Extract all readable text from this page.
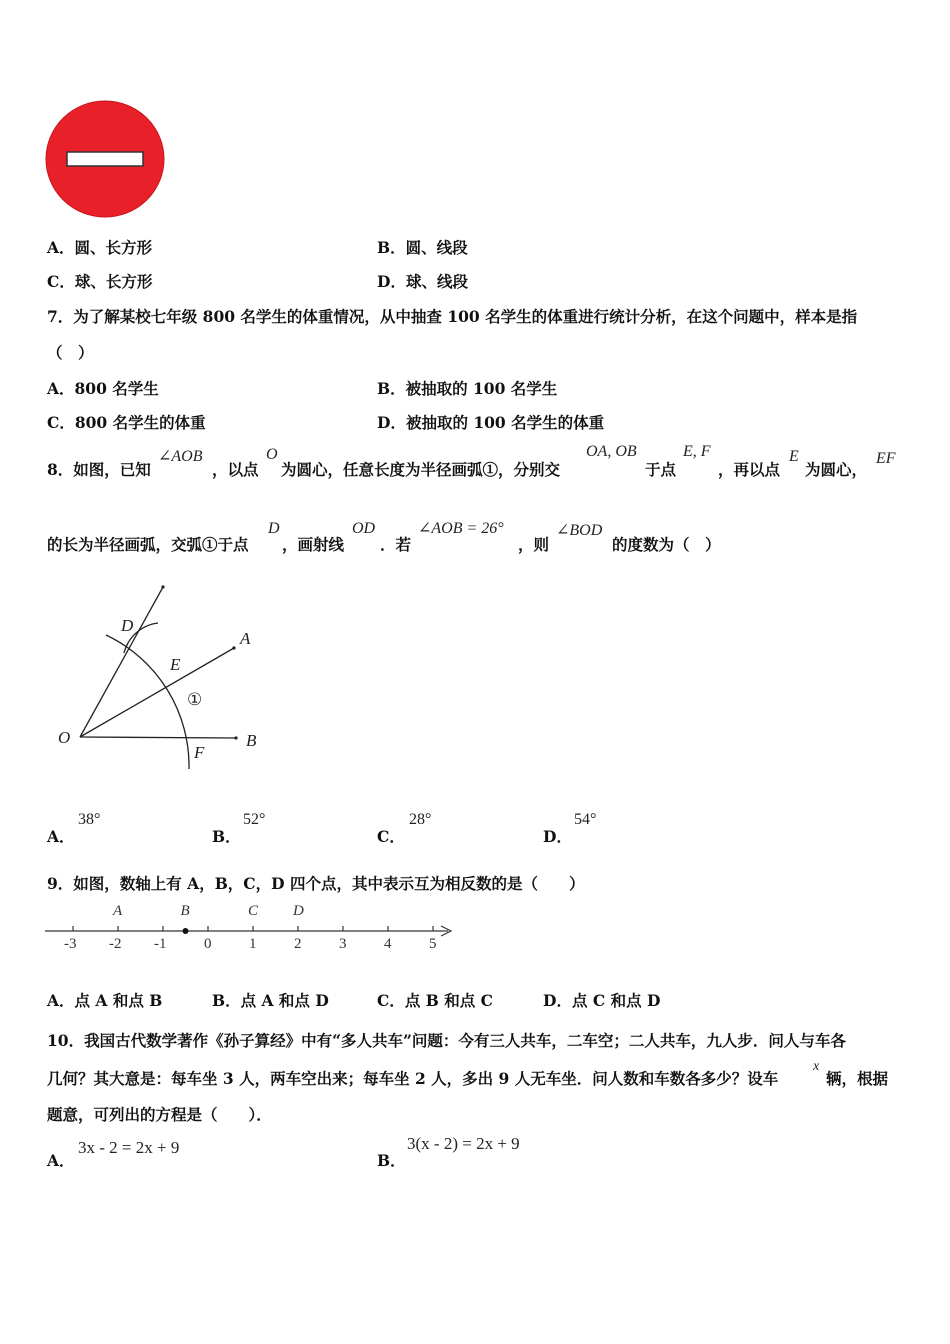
A．圆、长方形	B．圆、线段
C．球、长方形	D．球、线段
7．为了解某校七年级 800 名学生的体重情况，从中抽查 100 名学生的体重进行统计分析，在这个问题中，样本是指
（　）
A．800 名学生	B．被抽取的 100 名学生
C．800 名学生的体重	D．被抽取的 100 名学生的体重
8．如图，已知
∠AOB
，以点
O
为圆心，任意长度为半径画弧①，分别交
OA, OB
于点
E, F
，再以点
E
为圆心，
EF
的长为半径画弧，交弧①于点
D
，画射线
OD
．若
∠AOB = 26°
，则
∠BOD
的度数为（　）
D
A
E
O	B
F
①
A．
38°
B．
52°
C．
28°
D．
54°
9．如图，数轴上有 A，B，C，D 四个点，其中表示互为相反数的是（　　）
-3 -2 -1	0	1	2	3	4	5
A	B	C D
A．点 A 和点 B	B．点 A 和点 D	C．点 B 和点 C	D．点 C 和点 D
10．我国古代数学著作《孙子算经》中有“多人共车”问题：今有三人共车，二车空；二人共车，九人步．问人与车各
几何？其大意是：每车坐 3 人，两车空出来；每车坐 2 人，多出 9 人无车坐．问人数和车数各多少？设车
x
辆，根据
题意，可列出的方程是（　　）．
A．
3x - 2 = 2x + 9
B．
3(x - 2) = 2x + 9
